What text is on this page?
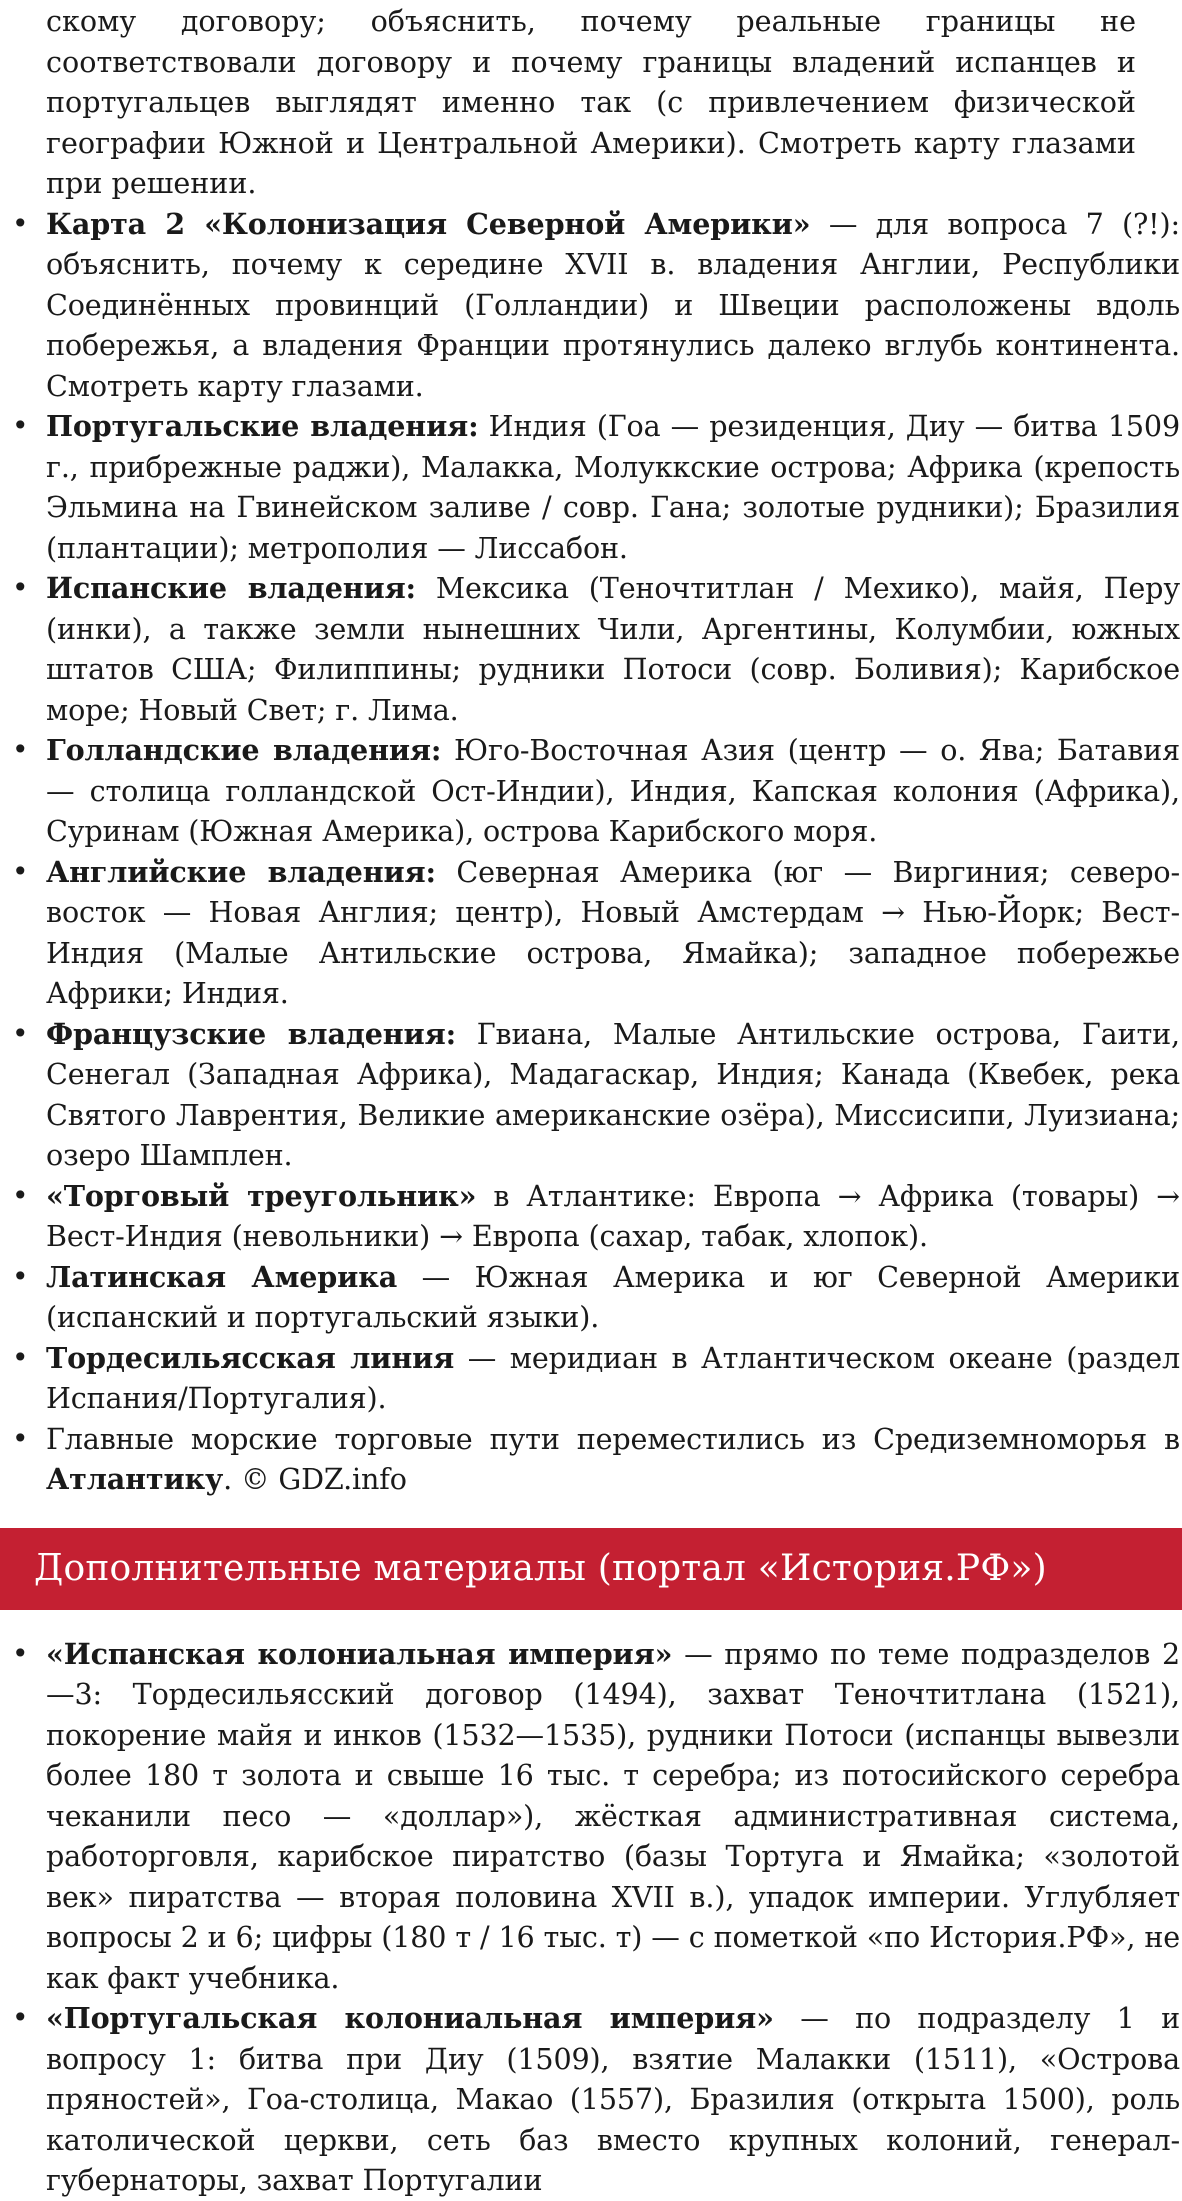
скому договору; объяснить, почему реальные границы не соответствовали договору и почему границы владений испанцев и португальцев выглядят именно так (с привлечением физической географии Южной и Центральной Америки). Смотреть карту глазами при решении.

• Карта 2 «Колонизация Северной Америки» — для вопроса 7 (?!): объяснить, почему к середине XVII в. владения Англии, Республики Соединённых провинций (Голландии) и Швеции расположены вдоль побережья, а владения Франции протянулись далеко вглубь континента. Смотреть карту глазами.
• Португальские владения: Индия (Гоа — резиденция, Диу — битва 1509 г., прибрежные раджи), Малакка, Молуккские острова; Африка (крепость Эльмина на Гвинейском заливе / совр. Гана; золотые рудники); Бразилия (плантации); метрополия — Лиссабон.
• Испанские владения: Мексика (Теночтитлан / Мехико), майя, Перу (инки), а также земли нынешних Чили, Аргентины, Колумбии, южных штатов США; Филиппины; рудники Потоси (совр. Боливия); Карибское море; Новый Свет; г. Лима.
• Голландские владения: Юго-Восточная Азия (центр — о. Ява; Батавия — столица голландской Ост-Индии), Индия, Капская колония (Африка), Суринам (Южная Америка), острова Карибского моря.
• Английские владения: Северная Америка (юг — Виргиния; северо-восток — Новая Англия; центр), Новый Амстердам → Нью-Йорк; Вест-Индия (Малые Антильские острова, Ямайка); западное побережье Африки; Индия.
• Французские владения: Гвиана, Малые Антильские острова, Гаити, Сенегал (Западная Африка), Мадагаскар, Индия; Канада (Квебек, река Святого Лаврентия, Великие американские озёра), Миссисипи, Луизиана; озеро Шамплен.
• «Торговый треугольник» в Атлантике: Европа → Африка (товары) → Вест-Индия (невольники) → Европа (сахар, табак, хлопок).
• Латинская Америка — Южная Америка и юг Северной Америки (испанский и португальский языки).
• Тордесильясская линия — меридиан в Атлантическом океане (раздел Испания/Португалия).
• Главные морские торговые пути переместились из Средиземноморья в Атлантику. © GDZ.info
Дополнительные материалы (портал «История.РФ»)
• «Испанская колониальная империя» — прямо по теме подразделов 2—3: Тордесильясский договор (1494), захват Теночтитлана (1521), покорение майя и инков (1532—1535), рудники Потоси (испанцы вывезли более 180 т золота и свыше 16 тыс. т серебра; из потосийского серебра чеканили песо — «доллар»), жёсткая административная система, работорговля, карибское пиратство (базы Тортуга и Ямайка; «золотой век» пиратства — вторая половина XVII в.), упадок империи. Углубляет вопросы 2 и 6; цифры (180 т / 16 тыс. т) — с пометкой «по История.РФ», не как факт учебника.
• «Португальская колониальная империя» — по подразделу 1 и вопросу 1: битва при Диу (1509), взятие Малакки (1511), «Острова пряностей», Гоа-столица, Макао (1557), Бразилия (открыта 1500), роль католической церкви, сеть баз вместо крупных колоний, генерал-губернаторы, захват Португалии
